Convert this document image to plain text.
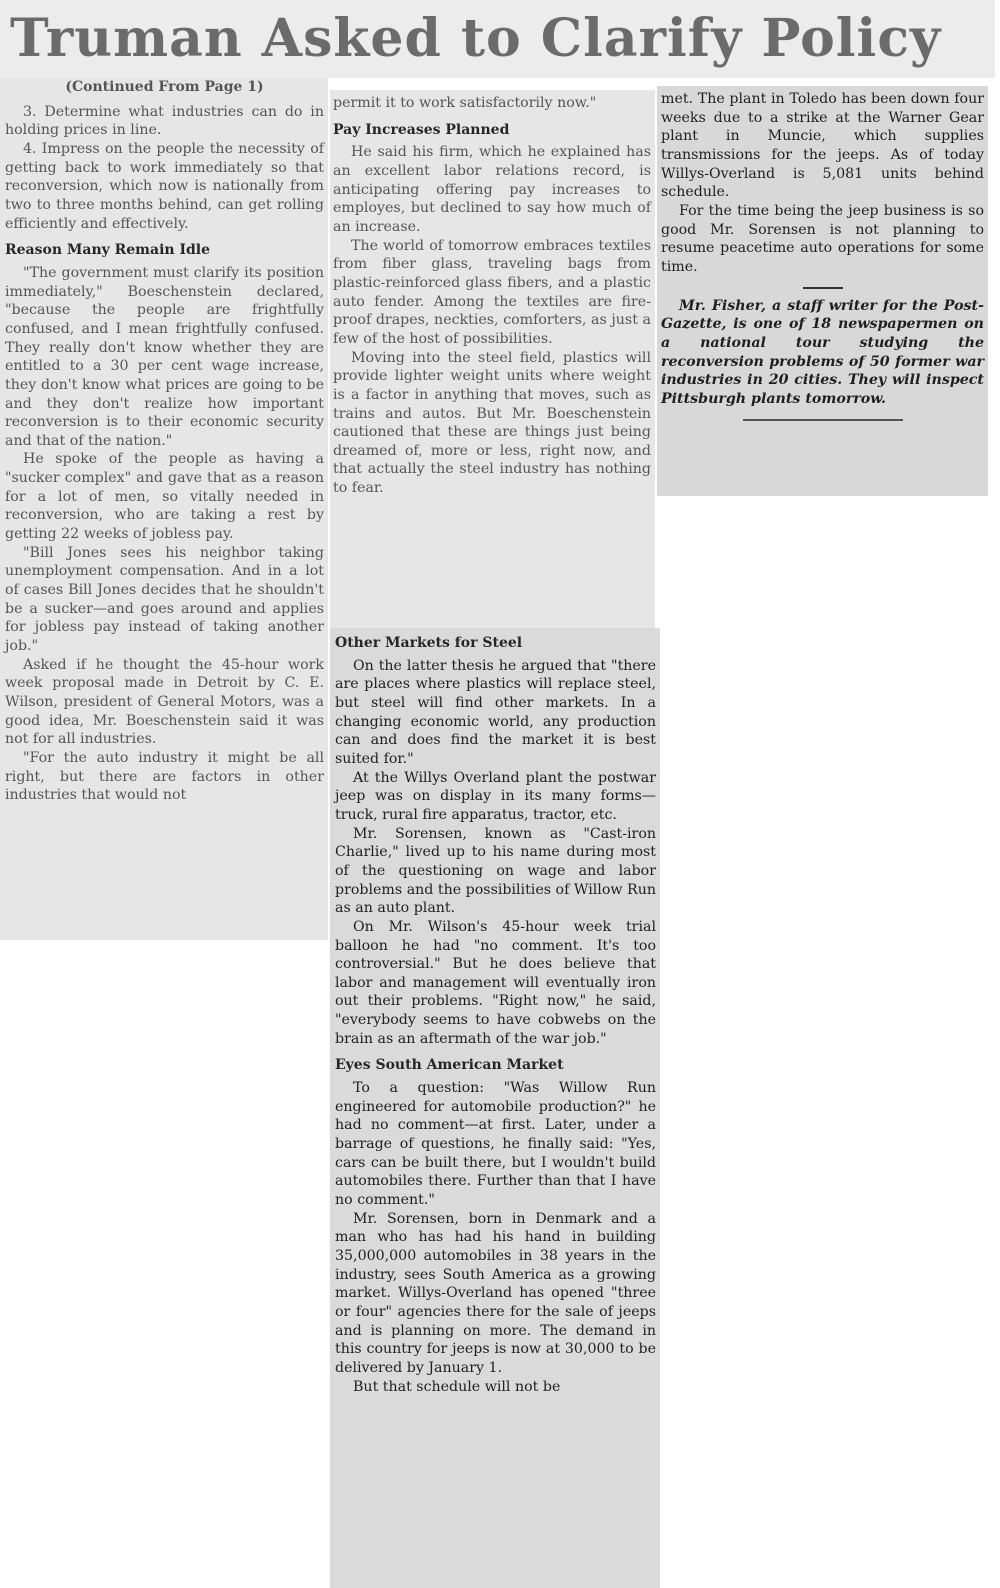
Truman Asked to Clarify Policy

(Continued From Page 1)

3. Determine what industries can do in holding prices in line.

4. Impress on the people the necessity of getting back to work immediately so that reconversion, which now is nationally from two to three months behind, can get rolling efficiently and effectively.

Reason Many Remain Idle

"The government must clarify its position immediately," Boeschenstein declared, "because the people are frightfully confused, and I mean frightfully confused. They really don't know whether they are entitled to a 30 per cent wage increase, they don't know what prices are going to be and they don't realize how important reconversion is to their economic security and that of the nation."

He spoke of the people as having a "sucker complex" and gave that as a reason for a lot of men, so vitally needed in reconversion, who are taking a rest by getting 22 weeks of jobless pay.

"Bill Jones sees his neighbor taking unemployment compensation. And in a lot of cases Bill Jones decides that he shouldn't be a sucker—and goes around and applies for jobless pay instead of taking another job."

Asked if he thought the 45-hour work week proposal made in Detroit by C. E. Wilson, president of General Motors, was a good idea, Mr. Boeschenstein said it was not for all industries.

"For the auto industry it might be all right, but there are factors in other industries that would not

permit it to work satisfactorily now."

Pay Increases Planned

He said his firm, which he explained has an excellent labor relations record, is anticipating offering pay increases to employes, but declined to say how much of an increase.

The world of tomorrow embraces textiles from fiber glass, traveling bags from plastic-reinforced glass fibers, and a plastic auto fender. Among the textiles are fire-proof drapes, neckties, comforters, as just a few of the host of possibilities.

Moving into the steel field, plastics will provide lighter weight units where weight is a factor in anything that moves, such as trains and autos. But Mr. Boeschenstein cautioned that these are things just being dreamed of, more or less, right now, and that actually the steel industry has nothing to fear.

Other Markets for Steel

On the latter thesis he argued that "there are places where plastics will replace steel, but steel will find other markets. In a changing economic world, any production can and does find the market it is best suited for."

At the Willys Overland plant the postwar jeep was on display in its many forms—truck, rural fire apparatus, tractor, etc.

Mr. Sorensen, known as "Cast-iron Charlie," lived up to his name during most of the questioning on wage and labor problems and the possibilities of Willow Run as an auto plant.

On Mr. Wilson's 45-hour week trial balloon he had "no comment. It's too controversial." But he does believe that labor and management will eventually iron out their problems. "Right now," he said, "everybody seems to have cobwebs on the brain as an aftermath of the war job."

Eyes South American Market

To a question: "Was Willow Run engineered for automobile production?" he had no comment—at first. Later, under a barrage of questions, he finally said: "Yes, cars can be built there, but I wouldn't build automobiles there. Further than that I have no comment."

Mr. Sorensen, born in Denmark and a man who has had his hand in building 35,000,000 automobiles in 38 years in the industry, sees South America as a growing market. Willys-Overland has opened "three or four" agencies there for the sale of jeeps and is planning on more. The demand in this country for jeeps is now at 30,000 to be delivered by January 1.

But that schedule will not be

met. The plant in Toledo has been down four weeks due to a strike at the Warner Gear plant in Muncie, which supplies transmissions for the jeeps. As of today Willys-Overland is 5,081 units behind schedule.

For the time being the jeep business is so good Mr. Sorensen is not planning to resume peacetime auto operations for some time.

Mr. Fisher, a staff writer for the Post-Gazette, is one of 18 newspapermen on a national tour studying the reconversion problems of 50 former war industries in 20 cities. They will inspect Pittsburgh plants tomorrow.
